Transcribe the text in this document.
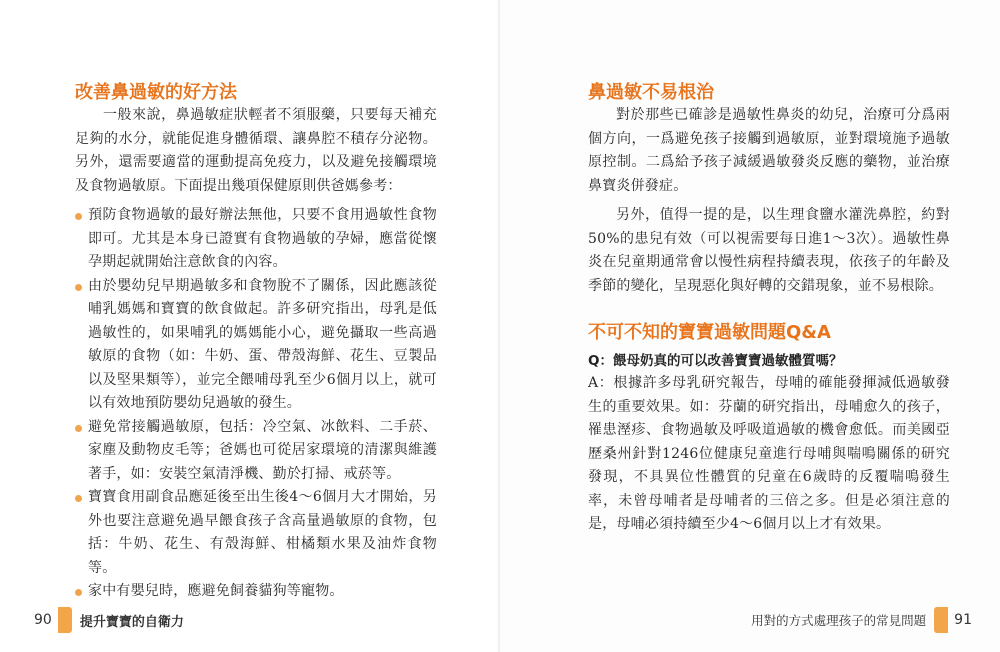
改善鼻過敏的好方法

一般來說，鼻過敏症狀輕者不須服藥，只要每天補充足夠的水分，就能促進身體循環、讓鼻腔不積存分泌物。另外，還需要適當的運動提高免疫力，以及避免接觸環境及食物過敏原。下面提出幾項保健原則供爸媽參考：

預防食物過敏的最好辦法無他，只要不食用過敏性食物即可。尤其是本身已證實有食物過敏的孕婦，應當從懷孕期起就開始注意飲食的內容。
由於嬰幼兒早期過敏多和食物脫不了關係，因此應該從哺乳媽媽和寶寶的飲食做起。許多研究指出，母乳是低過敏性的，如果哺乳的媽媽能小心，避免攝取一些高過敏原的食物（如：牛奶、蛋、帶殼海鮮、花生、豆製品以及堅果類等），並完全餵哺母乳至少6個月以上，就可以有效地預防嬰幼兒過敏的發生。
避免常接觸過敏原，包括：冷空氣、冰飲料、二手菸、家塵及動物皮毛等；爸媽也可從居家環境的清潔與維護著手，如：安裝空氣清淨機、勤於打掃、戒菸等。
寶寶食用副食品應延後至出生後4～6個月大才開始，另外也要注意避免過早餵食孩子含高量過敏原的食物，包括：牛奶、花生、有殼海鮮、柑橘類水果及油炸食物等。
家中有嬰兒時，應避免飼養貓狗等寵物。
90 提升寶寶的自衛力
鼻過敏不易根治

對於那些已確診是過敏性鼻炎的幼兒，治療可分爲兩個方向，一爲避免孩子接觸到過敏原，並對環境施予過敏原控制。二爲給予孩子減緩過敏發炎反應的藥物，並治療鼻寶炎併發症。

另外，值得一提的是，以生理食鹽水灌洗鼻腔，約對50%的患兒有效（可以視需要每日進1～3次）。過敏性鼻炎在兒童期通常會以慢性病程持續表現，依孩子的年齡及季節的變化，呈現惡化與好轉的交錯現象，並不易根除。

不可不知的寶寶過敏問題Q&A

Q：餵母奶真的可以改善寶寶過敏體質嗎？

A：根據許多母乳研究報告，母哺的確能發揮減低過敏發生的重要效果。如：芬蘭的研究指出，母哺愈久的孩子，罹患溼疹、食物過敏及呼吸道過敏的機會愈低。而美國亞歷桑州針對1246位健康兒童進行母哺與喘鳴關係的研究發現，不具異位性體質的兒童在6歲時的反覆喘鳴發生率，未曾母哺者是母哺者的三倍之多。但是必須注意的是，母哺必須持續至少4～6個月以上才有效果。

用對的方式處理孩子的常見問題 91
